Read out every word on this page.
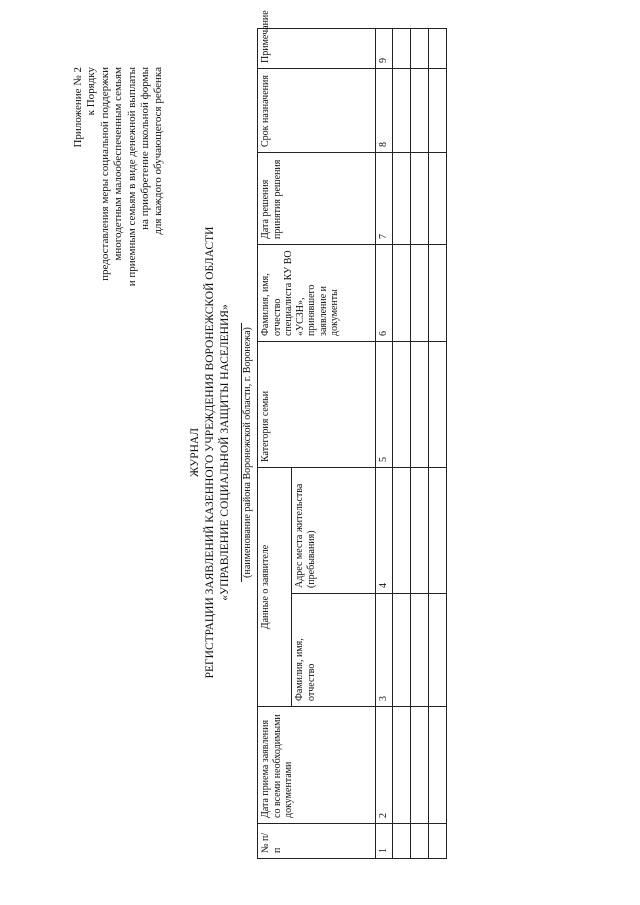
Приложение № 2 к Порядку предоставления меры социальной поддержки многодетным малообеспеченным семьям и приемным семьям в виде денежной выплаты на приобретение школьной формы для каждого обучающегося ребенка
ЖУРНАЛ РЕГИСТРАЦИИ ЗАЯВЛЕНИЙ КАЗЕННОГО УЧРЕЖДЕНИЯ ВОРОНЕЖСКОЙ ОБЛАСТИ «УПРАВЛЕНИЕ СОЦИАЛЬНОЙ ЗАЩИТЫ НАСЕЛЕНИЯ» (наименование района Воронежской области, г. Воронежа)
№ п/п	Дата приема заявления со всеми необходимыми документами	Данные о заявителе		Категория семьи	Фамилия, имя, отчество специалиста КУ ВО «УСЗН», принявшего заявление и документы	Дата решения принятия решения	Срок назначения	Примечание

		Фамилия, имя, отчество	Адрес места жительства (пребывания)					

1	2	3	4	5	6	7	8	9
